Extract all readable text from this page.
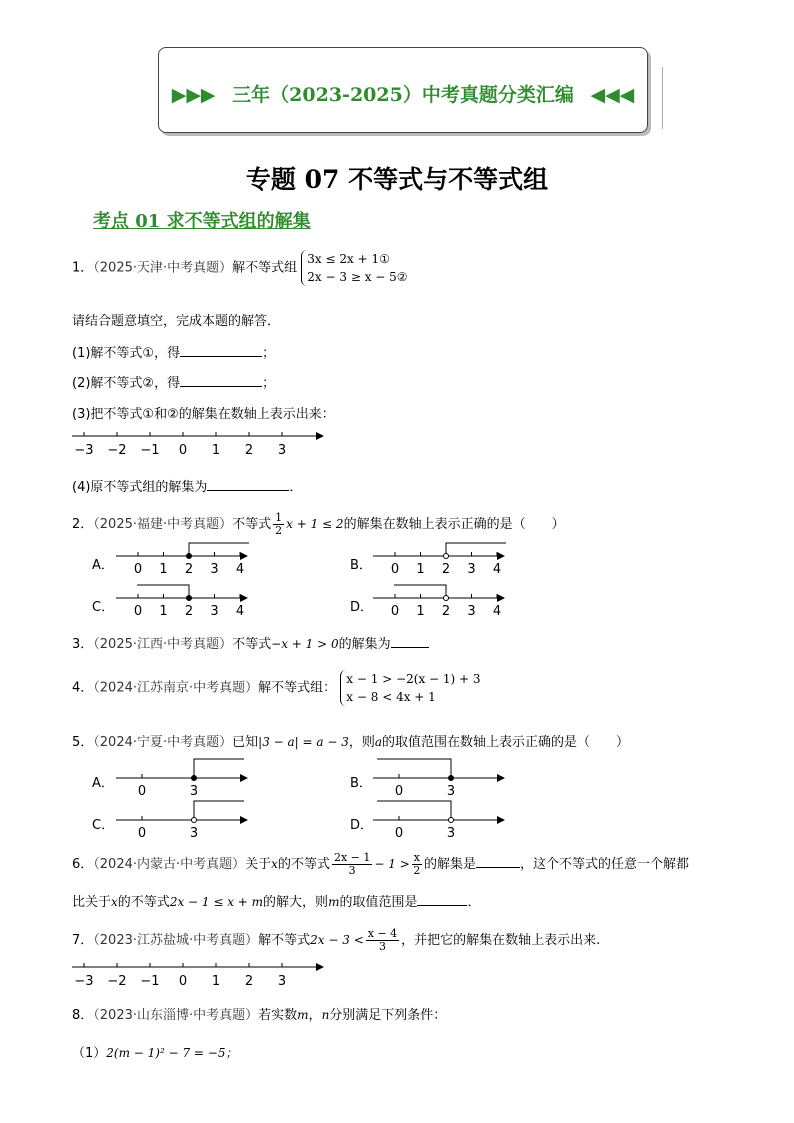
▶▶▶ 三年（2023-2025）中考真题分类汇编 ◀◀◀
专题 07 不等式与不等式组
考点 01 求不等式组的解集
1．（2025·天津·中考真题）解不等式组 3x ≤ 2x + 1①
2x − 3 ≥ x − 5②
请结合题意填空，完成本题的解答．
(1)解不等式①，得	；
(2)解不等式②，得	；
(3)把不等式①和②的解集在数轴上表示出来：
−3 −2 −1 0 1 2 3
(4)原不等式组的解集为	．
2．（2025·福建·中考真题）不等式 $\frac{1}{2}$ x + 1 ≤ 2的解集在数轴上表示正确的是（　　）
A．	B．
C．	D．
0 1 2 3 4	0 1 2 3 4
0 1 2 3 4	0 1 2 3 4
3．（2025·江西·中考真题）不等式−x + 1 > 0的解集为
4．（2024·江苏南京·中考真题）解不等式组： x − 1 > −2(x − 1) + 3
x − 8 < 4x + 1
5．（2024·宁夏·中考真题）已知|3 − a| = a − 3，则a的取值范围在数轴上表示正确的是（　　）
A．	B．
C．	D．
0	3	0	3
0	3	0	3
6．（2024·内蒙古·中考真题）关于x的不等式 $\frac{2x - 1}{3} - 1 > \frac{x}{2}$ 的解集是	，这个不等式的任意一个解都
比关于x的不等式2x − 1 ≤ x + m的解大，则m的取值范围是	．
7．（2023·江苏盐城·中考真题）解不等式$2x - 3 < \frac{x - 4}{3}$ ，并把它的解集在数轴上表示出来.
−3 −2 −1 0 1 2 3
8．（2023·山东淄博·中考真题）若实数m，n分别满足下列条件：
（1）2(m − 1)² − 7 = −5；
